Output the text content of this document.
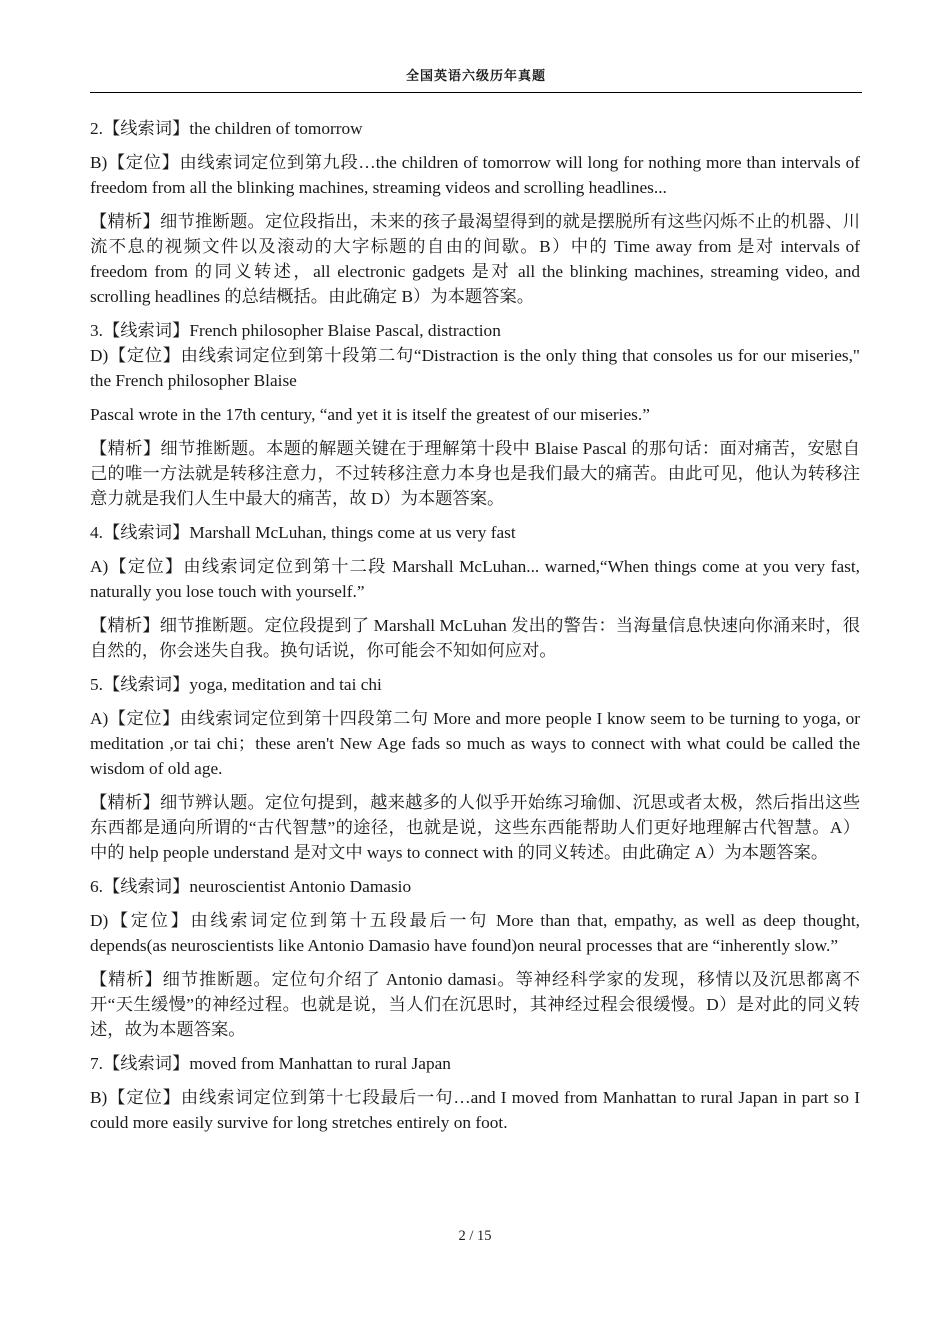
全国英语六级历年真题

2.【线索词】the children of tomorrow

B)【定位】由线索词定位到第九段…the children of tomorrow will long for nothing more than intervals of freedom from all the blinking machines, streaming videos and scrolling headlines...

【精析】细节推断题。定位段指出，未来的孩子最渴望得到的就是摆脱所有这些闪烁不止的机器、川流不息的视频文件以及滚动的大字标题的自由的间歇。B）中的 Time away from 是对 intervals of freedom from 的同义转述，all electronic gadgets 是对 all the blinking machines, streaming video, and scrolling headlines 的总结概括。由此确定 B）为本题答案。

3.【线索词】French philosopher Blaise Pascal, distraction

D)【定位】由线索词定位到第十段第二句“Distraction is the only thing that consoles us for our miseries," the French philosopher Blaise

Pascal wrote in the 17th century, “and yet it is itself the greatest of our miseries.”

【精析】细节推断题。本题的解题关键在于理解第十段中 Blaise Pascal 的那句话：面对痛苦，安慰自己的唯一方法就是转移注意力，不过转移注意力本身也是我们最大的痛苦。由此可见，他认为转移注意力就是我们人生中最大的痛苦，故 D）为本题答案。

4.【线索词】Marshall McLuhan, things come at us very fast

A)【定位】由线索词定位到第十二段 Marshall McLuhan... warned,“When things come at you very fast, naturally you lose touch with yourself.”

【精析】细节推断题。定位段提到了 Marshall McLuhan 发出的警告：当海量信息快速向你涌来时，很自然的，你会迷失自我。换句话说，你可能会不知如何应对。

5.【线索词】yoga, meditation and tai chi

A)【定位】由线索词定位到第十四段第二句 More and more people I know seem to be turning to yoga, or meditation ,or tai chi；these aren't New Age fads so much as ways to connect with what could be called the wisdom of old age.

【精析】细节辨认题。定位句提到，越来越多的人似乎开始练习瑜伽、沉思或者太极，然后指出这些东西都是通向所谓的“古代智慧”的途径，也就是说，这些东西能帮助人们更好地理解古代智慧。A）中的 help people understand 是对文中 ways to connect with 的同义转述。由此确定 A）为本题答案。

6.【线索词】neuroscientist Antonio Damasio

D)【定位】由线索词定位到第十五段最后一句 More than that, empathy, as well as deep thought, depends(as neuroscientists like Antonio Damasio have found)on neural processes that are “inherently slow.”

【精析】细节推断题。定位句介绍了 Antonio damasi。等神经科学家的发现，移情以及沉思都离不开“天生缓慢”的神经过程。也就是说，当人们在沉思时，其神经过程会很缓慢。D）是对此的同义转述，故为本题答案。

7.【线索词】moved from Manhattan to rural Japan

B)【定位】由线索词定位到第十七段最后一句…and I moved from Manhattan to rural Japan in part so I could more easily survive for long stretches entirely on foot.

2 / 15
